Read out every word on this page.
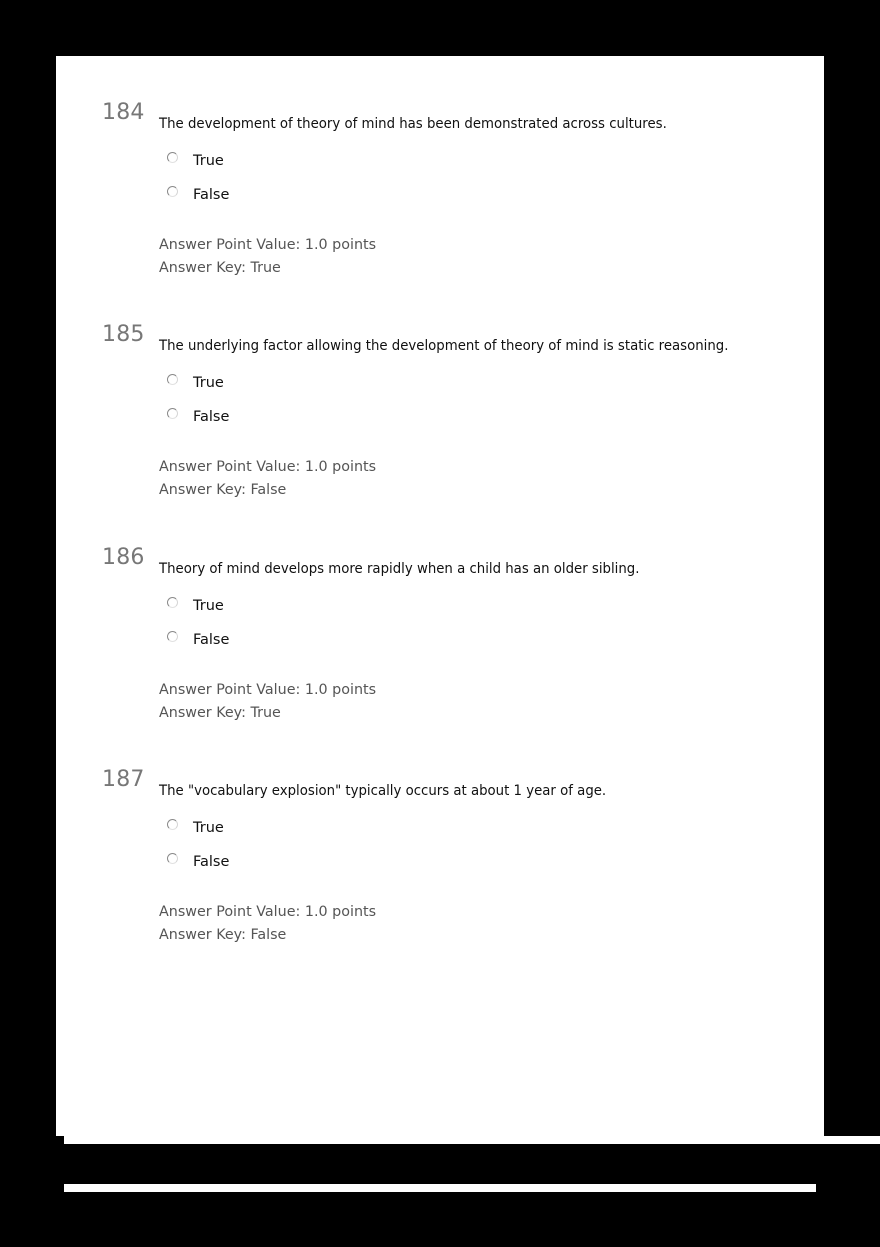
184 The development of theory of mind has been demonstrated across cultures.
True
False
Answer Point Value: 1.0 points
Answer Key: True
185 The underlying factor allowing the development of theory of mind is static reasoning.
True
False
Answer Point Value: 1.0 points
Answer Key: False
186 Theory of mind develops more rapidly when a child has an older sibling.
True
False
Answer Point Value: 1.0 points
Answer Key: True
187 The "vocabulary explosion" typically occurs at about 1 year of age.
True
False
Answer Point Value: 1.0 points
Answer Key: False
